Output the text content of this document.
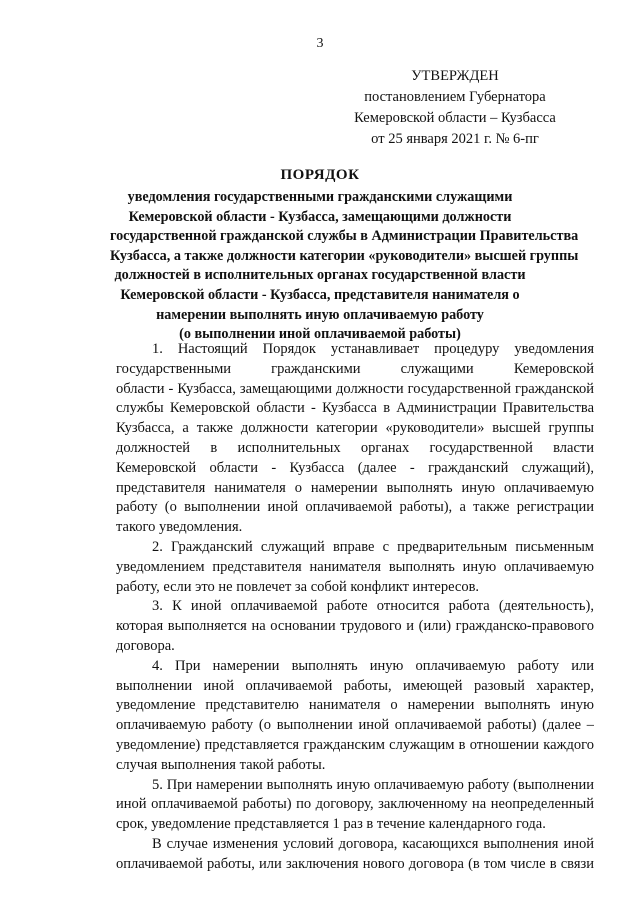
3
УТВЕРЖДЕН
постановлением Губернатора
Кемеровской области – Кузбасса
от 25 января 2021 г. № 6-пг
ПОРЯДОК
уведомления государственными гражданскими служащими
Кемеровской области - Кузбасса, замещающими должности
государственной гражданской службы в Администрации Правительства
Кузбасса, а также должности категории «руководители» высшей группы
должностей в исполнительных органах государственной власти
Кемеровской области - Кузбасса, представителя нанимателя о
намерении выполнять иную оплачиваемую работу
(о выполнении иной оплачиваемой работы)
1. Настоящий Порядок устанавливает процедуру уведомления
государственными гражданскими служащими Кемеровской
области - Кузбасса, замещающими должности государственной гражданской
службы Кемеровской области - Кузбасса в Администрации Правительства
Кузбасса, а также должности категории «руководители» высшей группы
должностей в исполнительных органах государственной власти
Кемеровской области - Кузбасса (далее - гражданский служащий),
представителя нанимателя о намерении выполнять иную оплачиваемую
работу (о выполнении иной оплачиваемой работы), а также регистрации
такого уведомления.
2. Гражданский служащий вправе с предварительным письменным
уведомлением представителя нанимателя выполнять иную оплачиваемую
работу, если это не повлечет за собой конфликт интересов.
3. К иной оплачиваемой работе относится работа (деятельность),
которая выполняется на основании трудового и (или) гражданско-правового
договора.
4. При намерении выполнять иную оплачиваемую работу или
выполнении иной оплачиваемой работы, имеющей разовый характер,
уведомление представителю нанимателя о намерении выполнять иную
оплачиваемую работу (о выполнении иной оплачиваемой работы) (далее –
уведомление) представляется гражданским служащим в отношении каждого
случая выполнения такой работы.
5. При намерении выполнять иную оплачиваемую работу (выполнении
иной оплачиваемой работы) по договору, заключенному на неопределенный
срок, уведомление представляется 1 раз в течение календарного года.
В случае изменения условий договора, касающихся выполнения иной
оплачиваемой работы, или заключения нового договора (в том числе в связи
